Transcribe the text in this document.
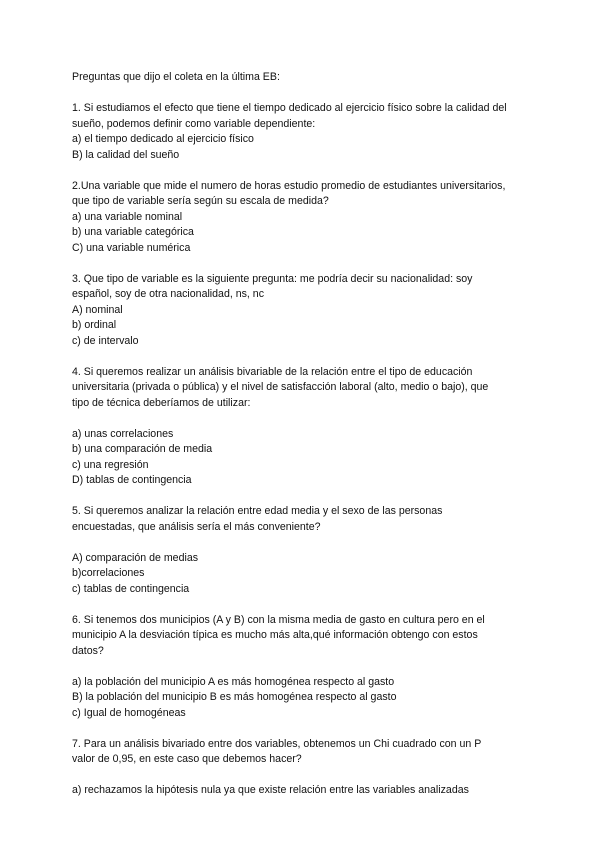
Preguntas que dijo el coleta en la última EB:
1. Si estudiamos el efecto que tiene el tiempo dedicado al ejercicio físico sobre la calidad del
sueño, podemos definir como variable dependiente:
a) el tiempo dedicado al ejercicio físico
B) la calidad del sueño
2.Una variable que mide el numero de horas estudio promedio de estudiantes universitarios,
que tipo de variable sería según su escala de medida?
a) una variable nominal
b) una variable categórica
C) una variable numérica
3. Que tipo de variable es la siguiente pregunta: me podría decir su nacionalidad: soy
español, soy de otra nacionalidad, ns, nc
A) nominal
b) ordinal
c) de intervalo
4. Si queremos realizar un análisis bivariable de la relación entre el tipo de educación
universitaria (privada o pública) y el nivel de satisfacción laboral (alto, medio o bajo), que
tipo de técnica deberíamos de utilizar:
a) unas correlaciones
b) una comparación de media
c) una regresión
D) tablas de contingencia
5. Si queremos analizar la relación entre edad media y el sexo de las personas
encuestadas, que análisis sería el más conveniente?
A) comparación de medias
b)correlaciones
c) tablas de contingencia
6. Si tenemos dos municipios (A y B) con la misma media de gasto en cultura pero en el
municipio A la desviación típica es mucho más alta,qué información obtengo con estos
datos?
a) la población del municipio A es más homogénea respecto al gasto
B) la población del municipio B es más homogénea respecto al gasto
c) Igual de homogéneas
7. Para un análisis bivariado entre dos variables, obtenemos un Chi cuadrado con un P
valor de 0,95, en este caso que debemos hacer?
a) rechazamos la hipótesis nula ya que existe relación entre las variables analizadas
